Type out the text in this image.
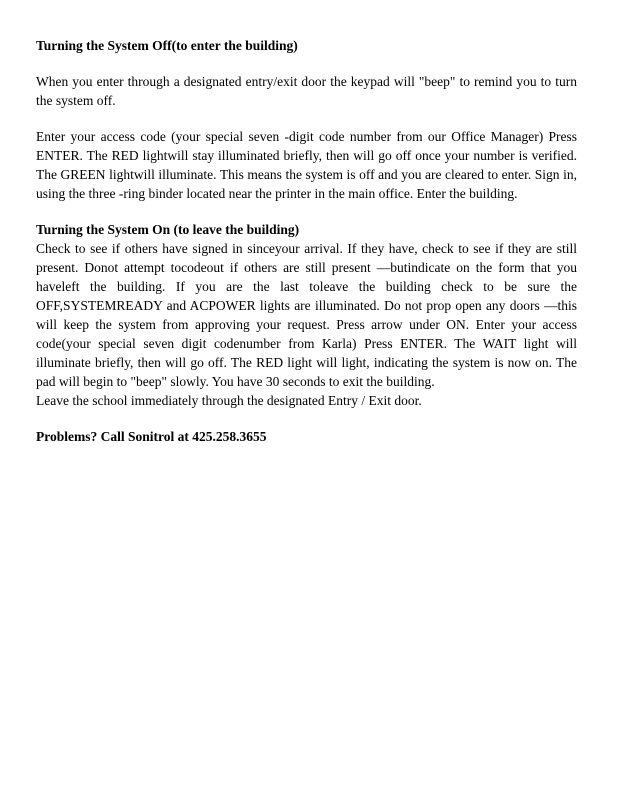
Turning the System Off(to enter the building)

When you enter through a designated entry/exit door the keypad will "beep" to remind you to turn the system off.

Enter your access code (your special seven -digit code number from our Office Manager) Press ENTER. The RED lightwill stay illuminated briefly, then will go off once your number is verified. The GREEN lightwill illuminate. This means the system is off and you are cleared to enter. Sign in, using the three -ring binder located near the printer in the main office. Enter the building.

Turning the System On (to leave the building)

Check to see if others have signed in sinceyour arrival. If they have, check to see if they are still present. Donot attempt tocodeout if others are still present —butindicate on the form that you haveleft the building. If you are the last toleave the building check to be sure the OFF,SYSTEMREADY and ACPOWER lights are illuminated. Do not prop open any doors —this will keep the system from approving your request. Press arrow under ON. Enter your access code(your special seven digit codenumber from Karla) Press ENTER. The WAIT light will illuminate briefly, then will go off. The RED light will light, indicating the system is now on. The pad will begin to "beep" slowly. You have 30 seconds to exit the building.

Leave the school immediately through the designated Entry / Exit door.

Problems? Call Sonitrol at 425.258.3655
